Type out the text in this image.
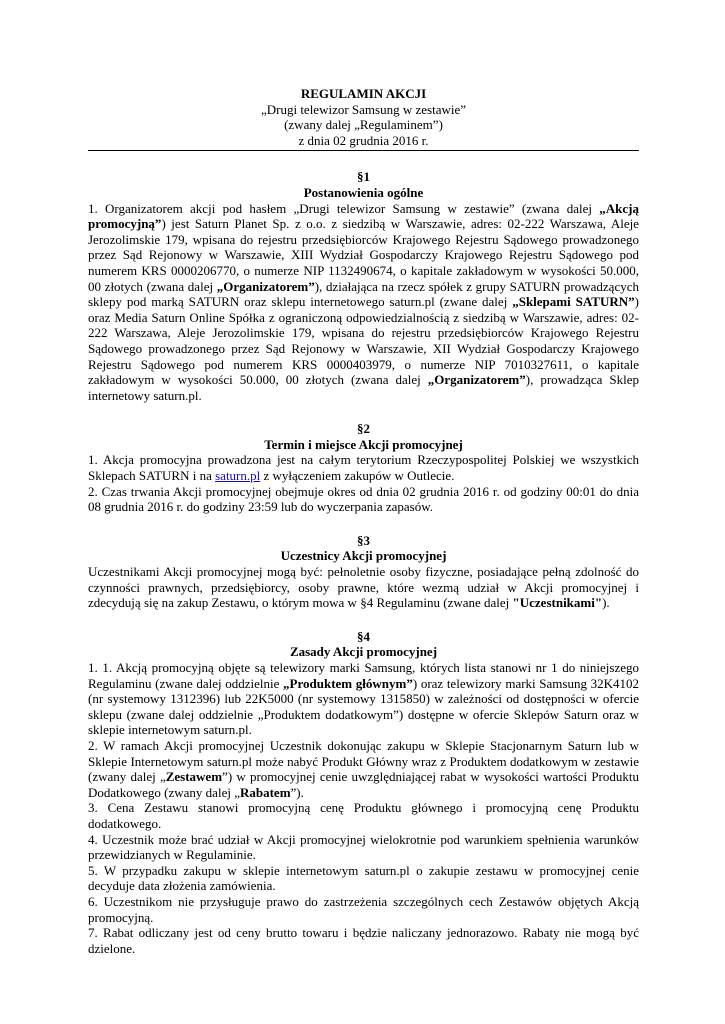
REGULAMIN AKCJI
„Drugi telewizor Samsung w zestawie”
(zwany dalej „Regulaminem”)
z dnia 02 grudnia 2016 r.
§1
Postanowienia ogólne
1. Organizatorem akcji pod hasłem „Drugi telewizor Samsung w zestawie” (zwana dalej „Akcją promocyjną”) jest Saturn Planet Sp. z o.o. z siedzibą w Warszawie, adres: 02-222 Warszawa, Aleje Jerozolimskie 179, wpisana do rejestru przedsiębiorców Krajowego Rejestru Sądowego prowadzonego przez Sąd Rejonowy w Warszawie, XIII Wydział Gospodarczy Krajowego Rejestru Sądowego pod numerem KRS 0000206770, o numerze NIP 1132490674, o kapitale zakładowym w wysokości 50.000, 00 złotych (zwana dalej „Organizatorem”), działająca na rzecz spółek z grupy SATURN prowadzących sklepy pod marką SATURN oraz sklepu internetowego saturn.pl (zwane dalej „Sklepami SATURN”) oraz Media Saturn Online Spółka z ograniczoną odpowiedzialnością z siedzibą w Warszawie, adres: 02-222 Warszawa, Aleje Jerozolimskie 179, wpisana do rejestru przedsiębiorców Krajowego Rejestru Sądowego prowadzonego przez Sąd Rejonowy w Warszawie, XII Wydział Gospodarczy Krajowego Rejestru Sądowego pod numerem KRS 0000403979, o numerze NIP 7010327611, o kapitale zakładowym w wysokości 50.000, 00 złotych (zwana dalej „Organizatorem”), prowadząca Sklep internetowy saturn.pl.
§2
Termin i miejsce Akcji promocyjnej
1. Akcja promocyjna prowadzona jest na całym terytorium Rzeczypospolitej Polskiej we wszystkich Sklepach SATURN i na saturn.pl z wyłączeniem zakupów w Outlecie.
2. Czas trwania Akcji promocyjnej obejmuje okres od dnia 02 grudnia 2016 r. od godziny 00:01 do dnia 08 grudnia 2016 r. do godziny 23:59 lub do wyczerpania zapasów.
§3
Uczestnicy Akcji promocyjnej
Uczestnikami Akcji promocyjnej mogą być: pełnoletnie osoby fizyczne, posiadające pełną zdolność do czynności prawnych, przedsiębiorcy, osoby prawne, które wezmą udział w Akcji promocyjnej i zdecydują się na zakup Zestawu, o którym mowa w §4 Regulaminu (zwane dalej "Uczestnikami").
§4
Zasady Akcji promocyjnej
1. 1. Akcją promocyjną objęte są telewizory marki Samsung, których lista stanowi nr 1 do niniejszego Regulaminu (zwane dalej oddzielnie „Produktem głównym”) oraz telewizory marki Samsung 32K4102 (nr systemowy 1312396) lub 22K5000 (nr systemowy 1315850) w zależności od dostępności w ofercie sklepu (zwane dalej oddzielnie „Produktem dodatkowym”) dostępne w ofercie Sklepów Saturn oraz w sklepie internetowym saturn.pl.
2. W ramach Akcji promocyjnej Uczestnik dokonując zakupu w Sklepie Stacjonarnym Saturn lub w Sklepie Internetowym saturn.pl może nabyć Produkt Główny wraz z Produktem dodatkowym w zestawie (zwany dalej „Zestawem”) w promocyjnej cenie uwzględniającej rabat w wysokości wartości Produktu Dodatkowego (zwany dalej „Rabatem”).
3. Cena Zestawu stanowi promocyjną cenę Produktu głównego i promocyjną cenę Produktu dodatkowego.
4. Uczestnik może brać udział w Akcji promocyjnej wielokrotnie pod warunkiem spełnienia warunków przewidzianych w Regulaminie.
5. W przypadku zakupu w sklepie internetowym saturn.pl o zakupie zestawu w promocyjnej cenie decyduje data złożenia zamówienia.
6. Uczestnikom nie przysługuje prawo do zastrzeżenia szczególnych cech Zestawów objętych Akcją promocyjną.
7. Rabat odliczany jest od ceny brutto towaru i będzie naliczany jednorazowo. Rabaty nie mogą być dzielone.
